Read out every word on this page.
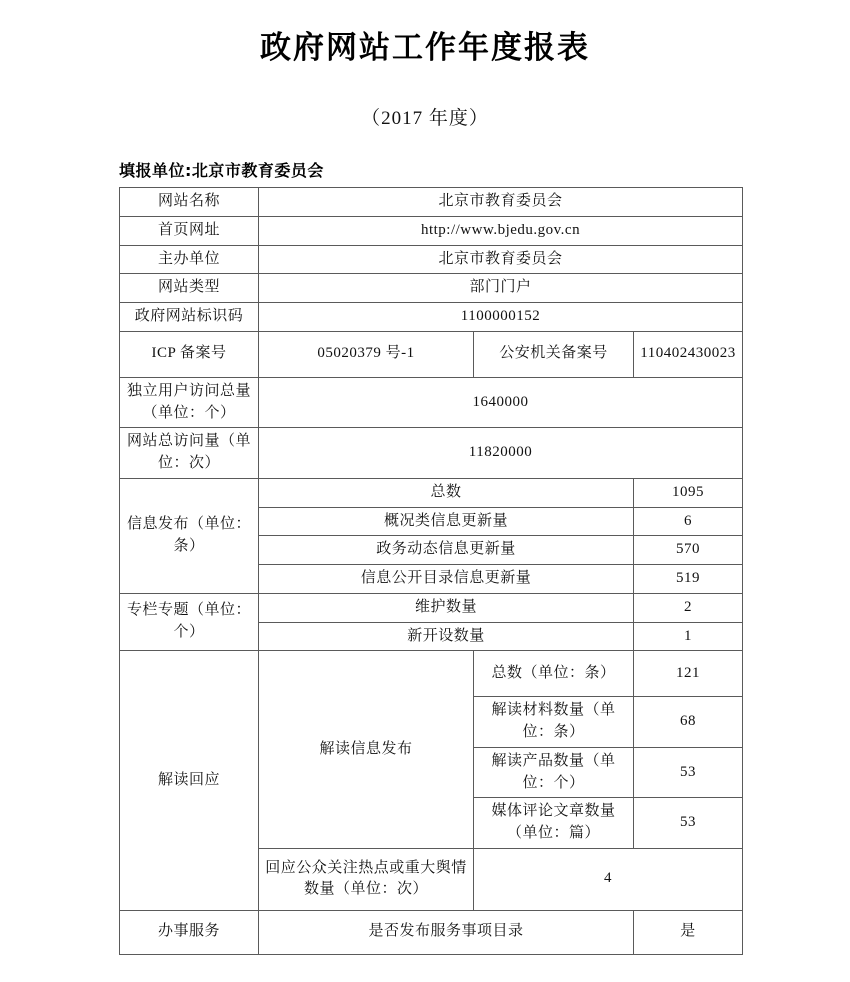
政府网站工作年度报表
（2017 年度）
填报单位:北京市教育委员会
网站名称	北京市教育委员会		
首页网址	http://www.bjedu.gov.cn		
主办单位	北京市教育委员会		
网站类型	部门门户		
政府网站标识码	1100000152		
ICP 备案号	05020379 号-1	公安机关备案号	110402430023
独立用户访问总量（单位：个）	1640000		
网站总访问量（单位：次）	11820000		
信息发布（单位：条）	总数		1095
	概况类信息更新量		6
	政务动态信息更新量		570
	信息公开目录信息更新量		519
专栏专题（单位：个）	维护数量		2
	新开设数量		1
解读回应	解读信息发布	总数（单位：条）	121
		解读材料数量（单位：条）	68
		解读产品数量（单位：个）	53
		媒体评论文章数量（单位：篇）	53
	回应公众关注热点或重大舆情数量（单位：次）	4	
办事服务	是否发布服务事项目录		是
